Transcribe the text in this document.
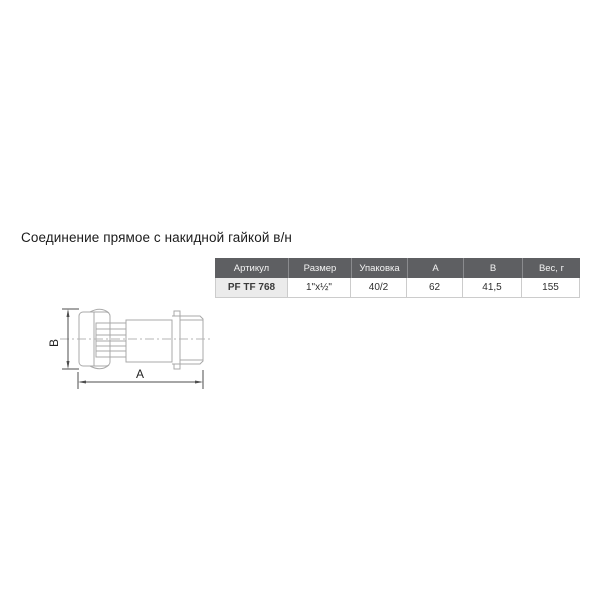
Соединение прямое с накидной гайкой в/н
Артикул	Размер	Упаковка	A	B	Вес, г
PF TF 768	1"х½"	40/2	62	41,5	155
B
A
